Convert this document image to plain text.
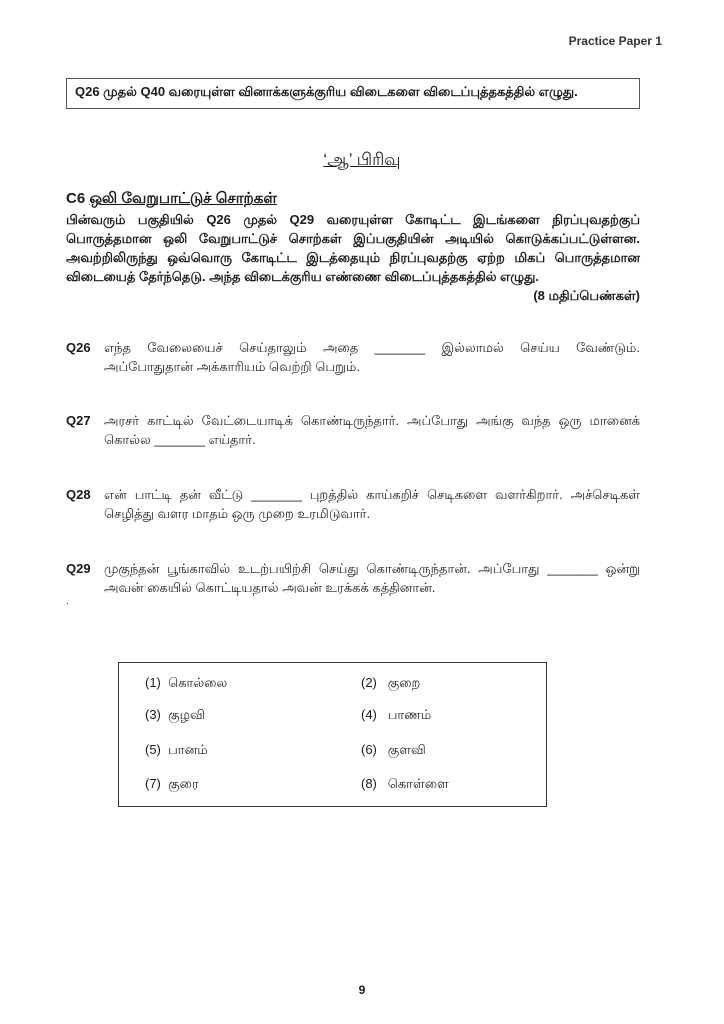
Practice Paper 1
Q26 முதல் Q40 வரையுள்ள வினாக்களுக்குரிய விடைகளை விடைப்புத்தகத்தில் எழுது.
‘ஆ’ பிரிவு
C6 ஒலி வேறுபாட்டுச் சொற்கள்
பின்வரும் பகுதியில் Q26 முதல் Q29 வரையுள்ள கோடிட்ட இடங்களை நிரப்புவதற்குப் பொருத்தமான ஒலி வேறுபாட்டுச் சொற்கள் இப்பகுதியின் அடியில் கொடுக்கப்பட்டுள்ளன. அவற்றிலிருந்து ஒவ்வொரு கோடிட்ட இடத்தையும் நிரப்புவதற்கு ஏற்ற மிகப் பொருத்தமான விடையைத் தேர்ந்தெடு. அந்த விடைக்குரிய எண்ணை விடைப்புத்தகத்தில் எழுது.
(8 மதிப்பெண்கள்)
Q26 எந்த வேலையைச் செய்தாலும் அதை _______ இல்லாமல் செய்ய வேண்டும். அப்போதுதான் அக்காரியம் வெற்றி பெறும்.
Q27 அரசர் காட்டில் வேட்டையாடிக் கொண்டிருந்தார். அப்போது அங்கு வந்த ஒரு மானைக் கொல்ல _______ எய்தார்.
Q28 என் பாட்டி தன் வீட்டு _______ புறத்தில் காய்கறிச் செடிகளை வளர்கிறார். அச்செடிகள் செழித்து வளர மாதம் ஒரு முறை உரமிடுவார்.
Q29 முகுந்தன் பூங்காவில் உடற்பயிற்சி செய்து கொண்டிருந்தான். அப்போது _______ ஒன்று அவன் கையில் கொட்டியதால் அவன் உரக்கக் கத்தினான்.
.
(1) கொல்லை	(2) குறை
(3) குழவி	(4) பாணம்
(5) பானம்	(6) குளவி
(7) குரை	(8) கொள்ளை
9
